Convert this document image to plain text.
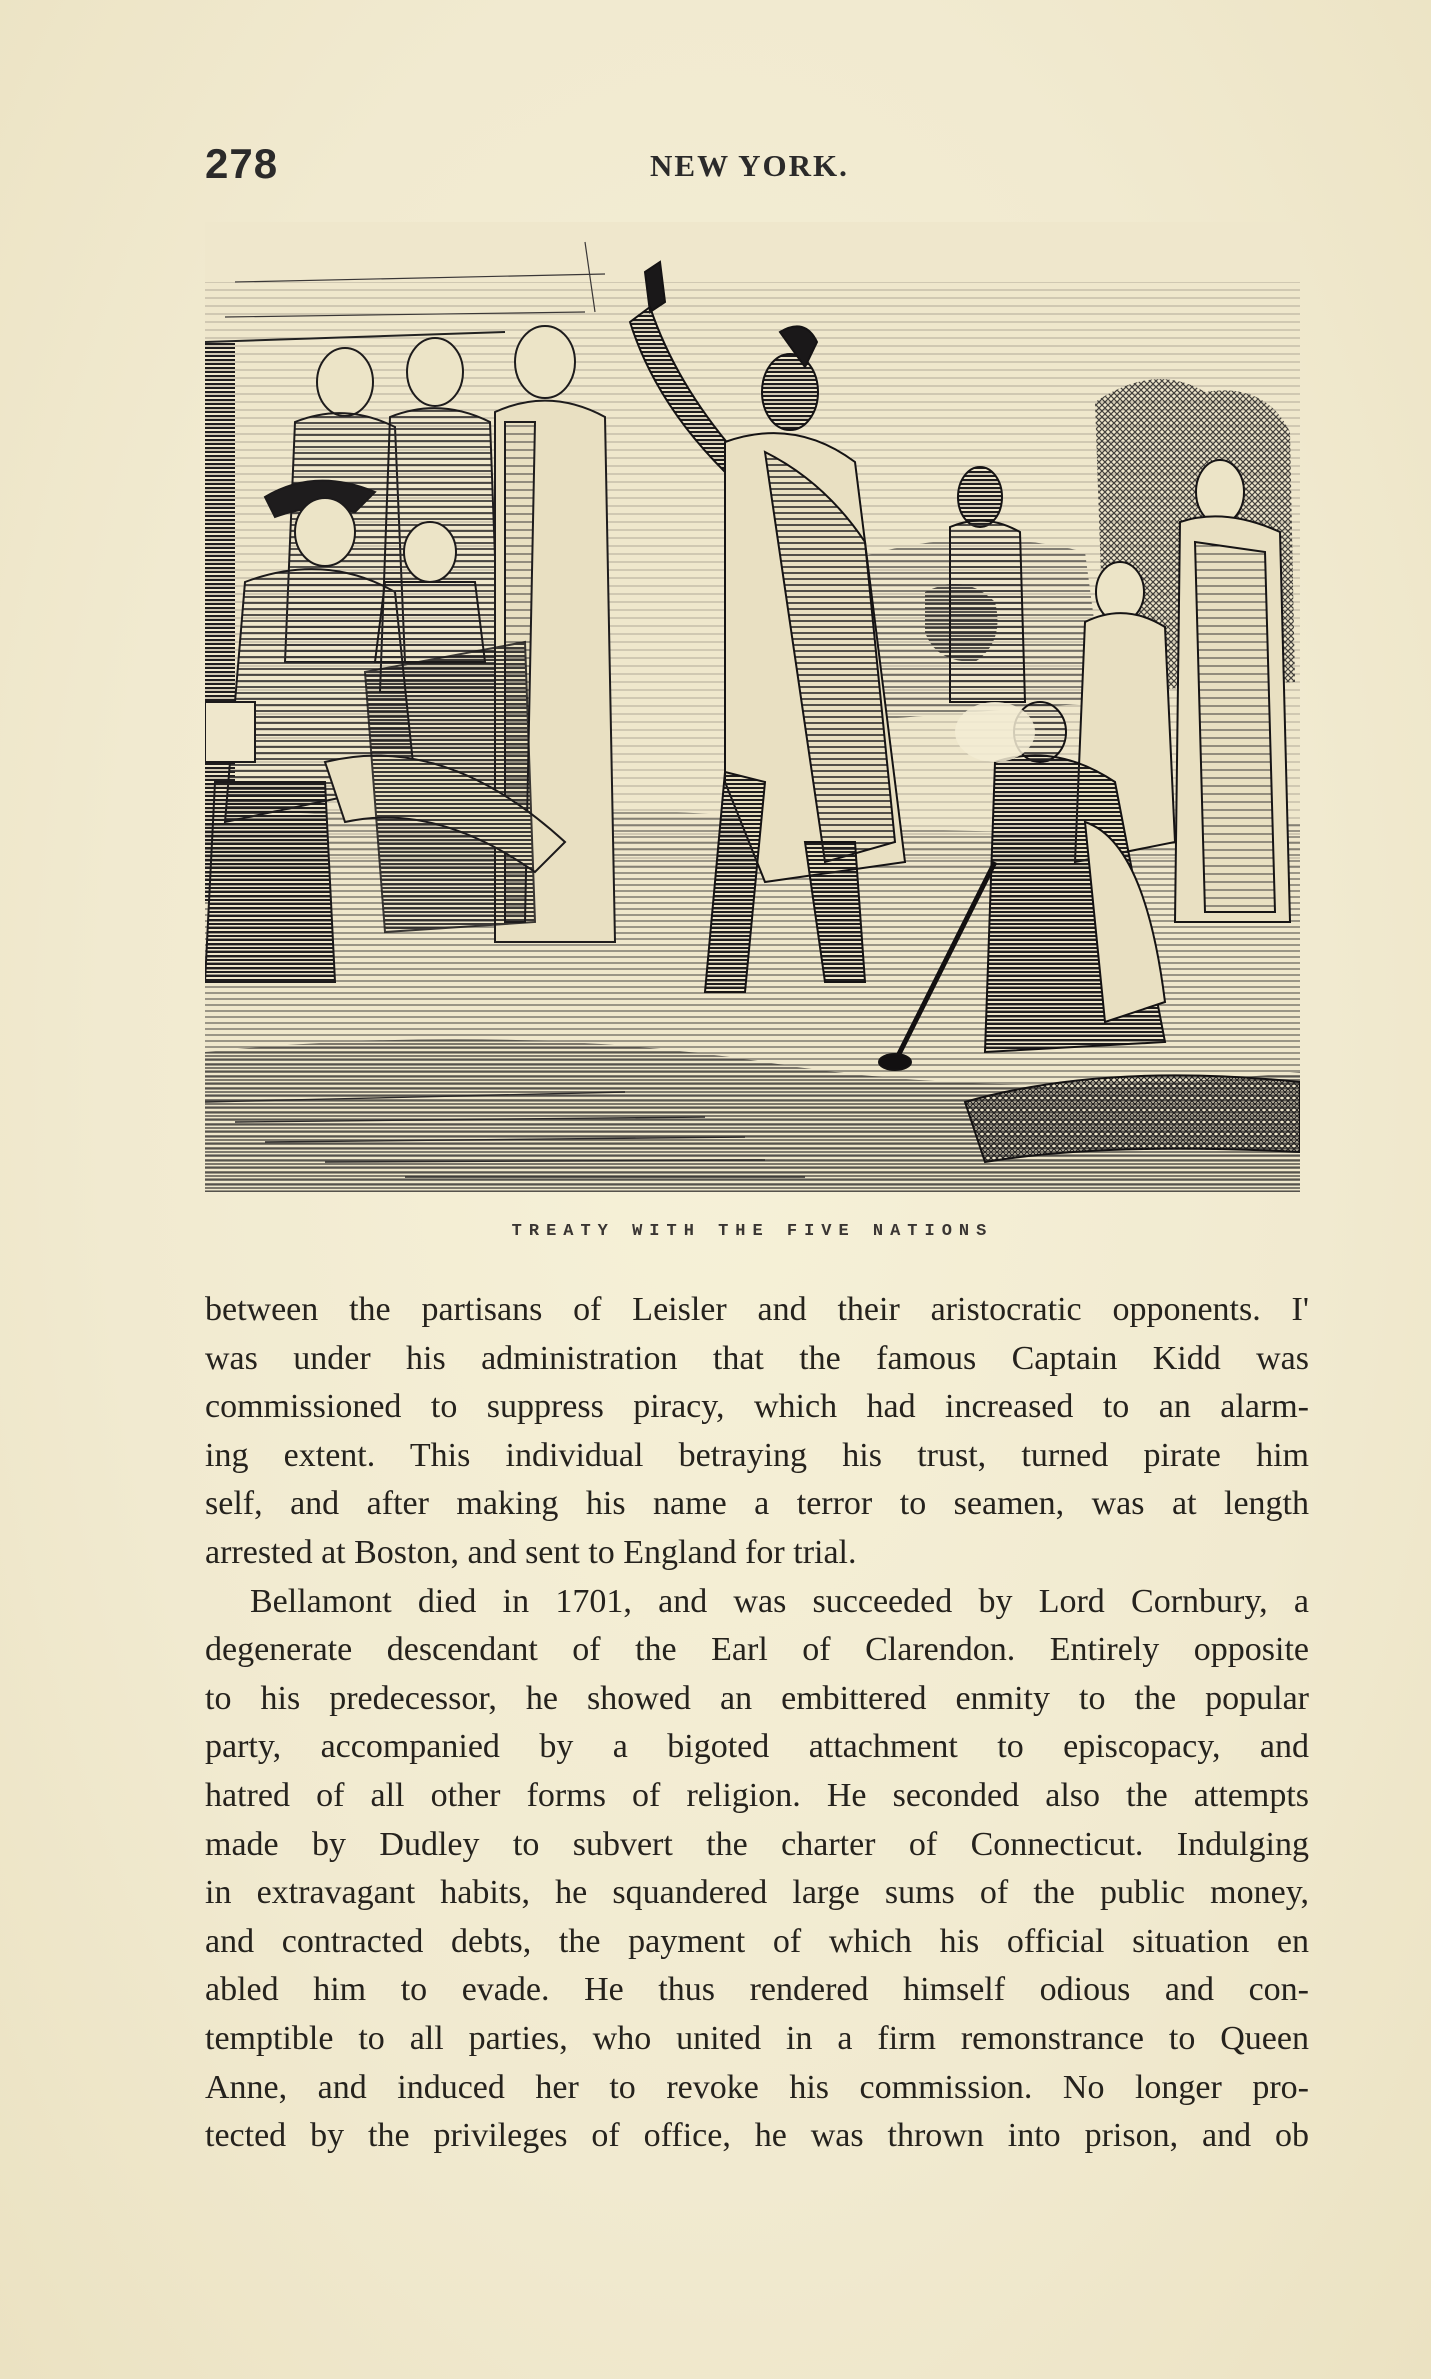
278	NEW YORK.
TREATY WITH THE FIVE NATIONS
between the partisans of Leisler and their aristocratic opponents. I'
was under his administration that the famous Captain Kidd was
commissioned to suppress piracy, which had increased to an alarm-
ing extent. This individual betraying his trust, turned pirate him
self, and after making his name a terror to seamen, was at length
arrested at Boston, and sent to England for trial.
Bellamont died in 1701, and was succeeded by Lord Cornbury, a
degenerate descendant of the Earl of Clarendon. Entirely opposite
to his predecessor, he showed an embittered enmity to the popular
party, accompanied by a bigoted attachment to episcopacy, and
hatred of all other forms of religion. He seconded also the attempts
made by Dudley to subvert the charter of Connecticut. Indulging
in extravagant habits, he squandered large sums of the public money,
and contracted debts, the payment of which his official situation en
abled him to evade. He thus rendered himself odious and con-
temptible to all parties, who united in a firm remonstrance to Queen
Anne, and induced her to revoke his commission. No longer pro-
tected by the privileges of office, he was thrown into prison, and ob
